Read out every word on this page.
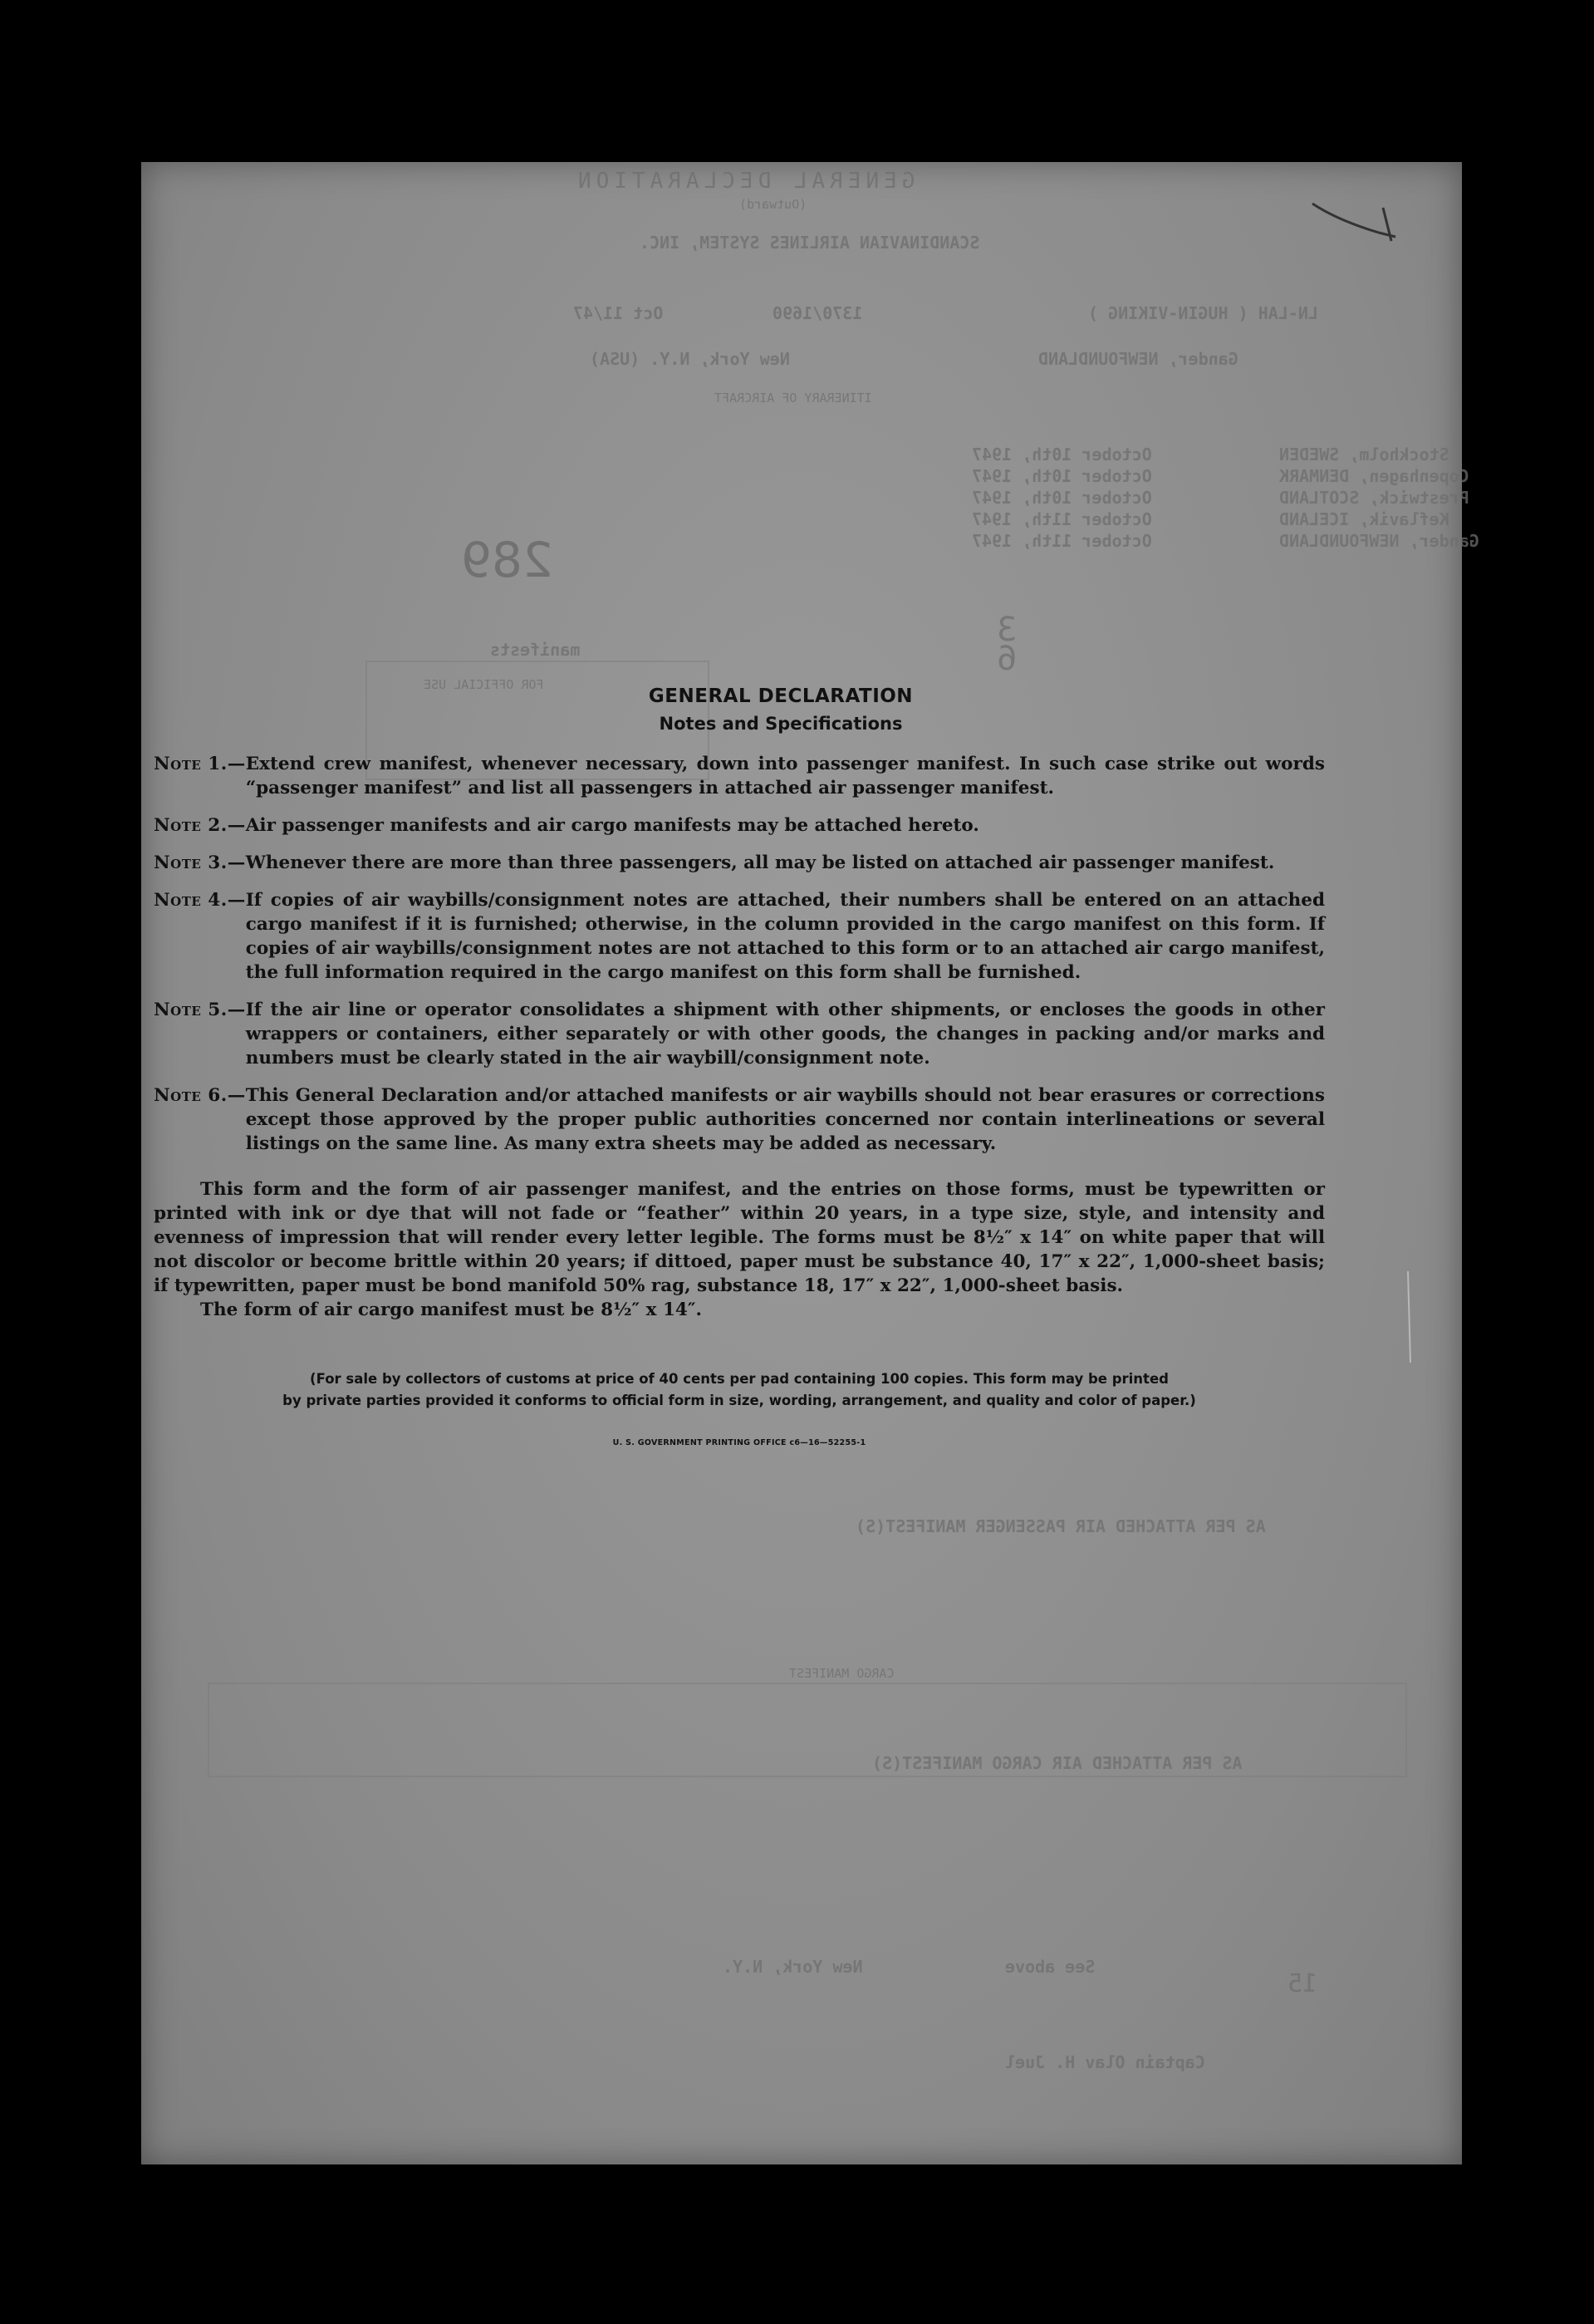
GENERAL DECLARATION
(Outward)
SCANDINAVIAN AIRLINES SYSTEM, INC.
LN-LAH ( HUGIN-VIKING )
1370/1690
Oct 11/47
Gander, NEWFOUNDLAND
New York, N.Y. (USA)
ITINERARY OF AIRCRAFT
Stockholm, SWEDEN
October 10th, 1947
Copenhagen, DENMARK
October 10th, 1947
Prestwick, SCOTLAND
October 10th, 1947
Keflavik, ICELAND
October 11th, 1947
Gander, NEWFOUNDLAND
October 11th, 1947
289
manifests
3
6
FOR OFFICIAL USE
AS PER ATTACHED AIR PASSENGER MANIFEST(S)
CARGO MANIFEST
AS PER ATTACHED AIR CARGO MANIFEST(S)
See above
New York, N.Y.
15
Captain Olav H. Juel
GENERAL DECLARATION
Notes and Specifications
Note 1.— Extend crew manifest, whenever necessary, down into passenger manifest. In such case strike out words “passenger manifest” and list all passengers in attached air passenger manifest.
Note 2.— Air passenger manifests and air cargo manifests may be attached hereto.
Note 3.— Whenever there are more than three passengers, all may be listed on attached air passenger manifest.
Note 4.— If copies of air waybills/consignment notes are attached, their numbers shall be entered on an attached cargo manifest if it is furnished; otherwise, in the column provided in the cargo manifest on this form. If copies of air waybills/consignment notes are not attached to this form or to an attached air cargo manifest, the full information required in the cargo manifest on this form shall be furnished.
Note 5.— If the air line or operator consolidates a shipment with other shipments, or encloses the goods in other wrappers or containers, either separately or with other goods, the changes in packing and/or marks and numbers must be clearly stated in the air waybill/consignment note.
Note 6.— This General Declaration and/or attached manifests or air waybills should not bear erasures or corrections except those approved by the proper public authorities concerned nor contain interlineations or several listings on the same line. As many extra sheets may be added as necessary.

This form and the form of air passenger manifest, and the entries on those forms, must be typewritten or printed with ink or dye that will not fade or “feather” within 20 years, in a type size, style, and intensity and evenness of impression that will render every letter legible. The forms must be 8½″ x 14″ on white paper that will not discolor or become brittle within 20 years; if dittoed, paper must be substance 40, 17″ x 22″, 1,000-sheet basis; if typewritten, paper must be bond manifold 50% rag, substance 18, 17″ x 22″, 1,000-sheet basis.

The form of air cargo manifest must be 8½″ x 14″.

(For sale by collectors of customs at price of 40 cents per pad containing 100 copies. This form may be printed
by private parties provided it conforms to official form in size, wording, arrangement, and quality and color of paper.)
U. S. GOVERNMENT PRINTING OFFICE c6—16—52255-1
